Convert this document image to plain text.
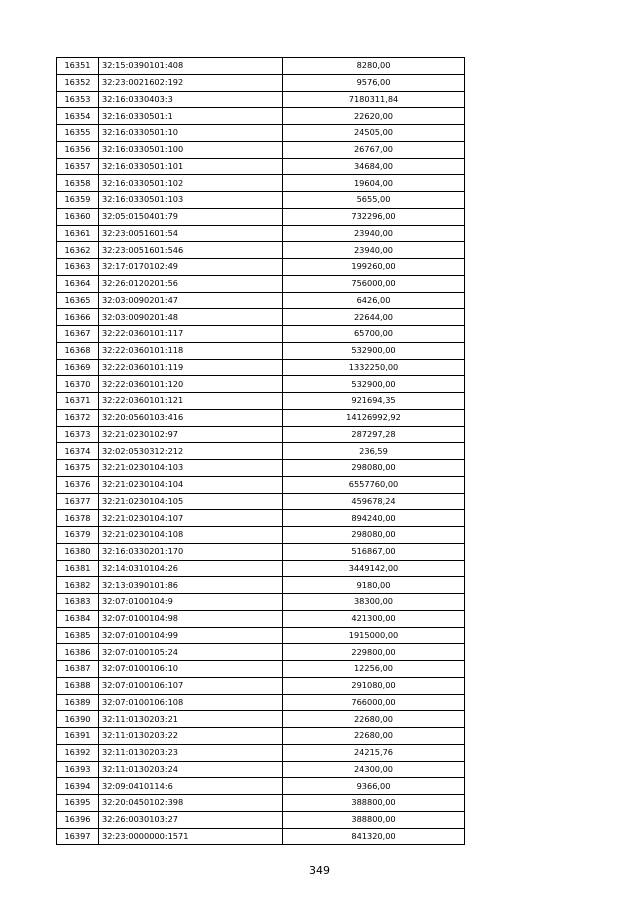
16351	32:15:0390101:408	8280,00
16352	32:23:0021602:192	9576,00
16353	32:16:0330403:3	7180311,84
16354	32:16:0330501:1	22620,00
16355	32:16:0330501:10	24505,00
16356	32:16:0330501:100	26767,00
16357	32:16:0330501:101	34684,00
16358	32:16:0330501:102	19604,00
16359	32:16:0330501:103	5655,00
16360	32:05:0150401:79	732296,00
16361	32:23:0051601:54	23940,00
16362	32:23:0051601:546	23940,00
16363	32:17:0170102:49	199260,00
16364	32:26:0120201:56	756000,00
16365	32:03:0090201:47	6426,00
16366	32:03:0090201:48	22644,00
16367	32:22:0360101:117	65700,00
16368	32:22:0360101:118	532900,00
16369	32:22:0360101:119	1332250,00
16370	32:22:0360101:120	532900,00
16371	32:22:0360101:121	921694,35
16372	32:20:0560103:416	14126992,92
16373	32:21:0230102:97	287297,28
16374	32:02:0530312:212	236,59
16375	32:21:0230104:103	298080,00
16376	32:21:0230104:104	6557760,00
16377	32:21:0230104:105	459678,24
16378	32:21:0230104:107	894240,00
16379	32:21:0230104:108	298080,00
16380	32:16:0330201:170	516867,00
16381	32:14:0310104:26	3449142,00
16382	32:13:0390101:86	9180,00
16383	32:07:0100104:9	38300,00
16384	32:07:0100104:98	421300,00
16385	32:07:0100104:99	1915000,00
16386	32:07:0100105:24	229800,00
16387	32:07:0100106:10	12256,00
16388	32:07:0100106:107	291080,00
16389	32:07:0100106:108	766000,00
16390	32:11:0130203:21	22680,00
16391	32:11:0130203:22	22680,00
16392	32:11:0130203:23	24215,76
16393	32:11:0130203:24	24300,00
16394	32:09:0410114:6	9366,00
16395	32:20:0450102:398	388800,00
16396	32:26:0030103:27	388800,00
16397	32:23:0000000:1571	841320,00
349
